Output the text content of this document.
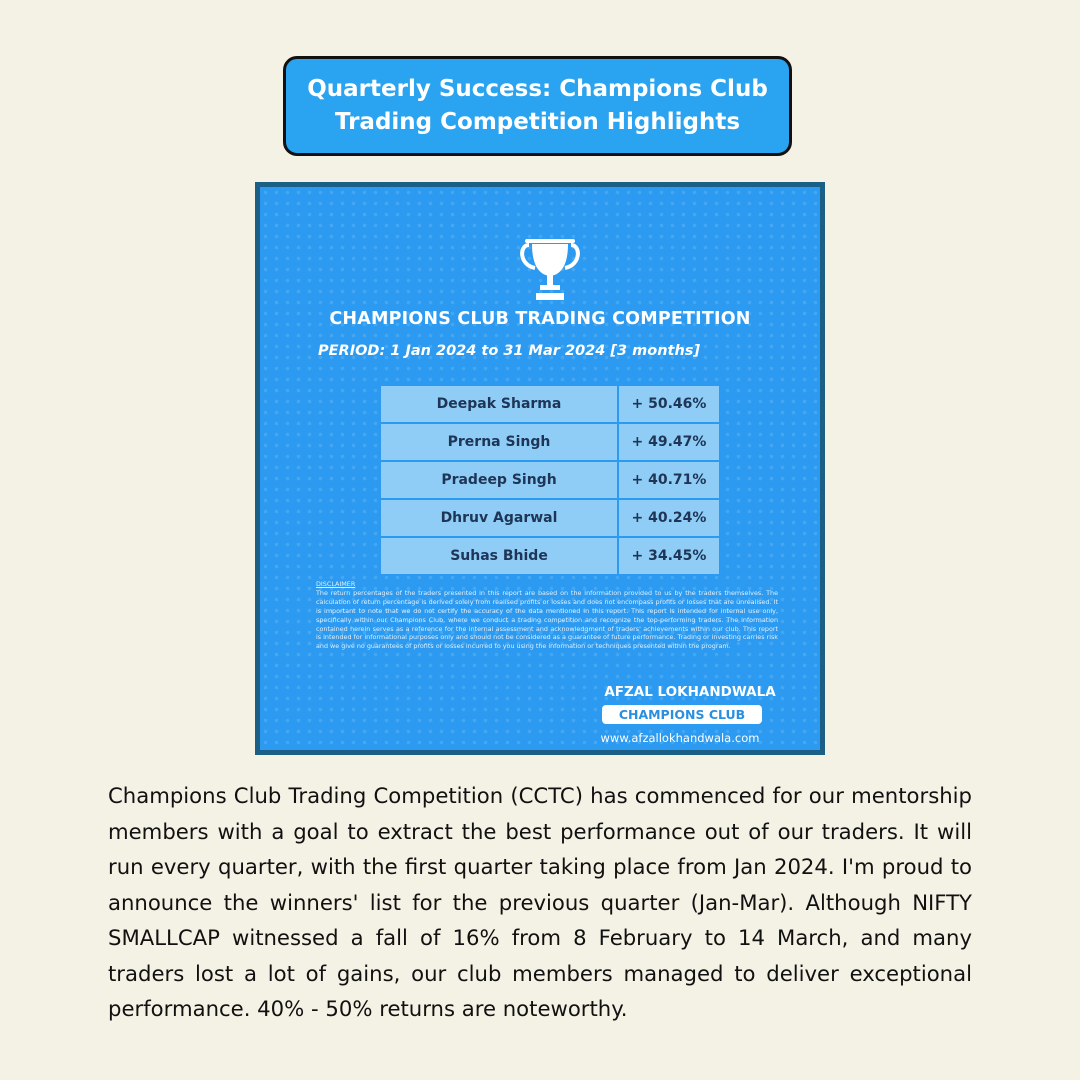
Quarterly Success: Champions Club
Trading Competition Highlights
CHAMPIONS CLUB TRADING COMPETITION
PERIOD: 1 Jan 2024 to 31 Mar 2024 [3 months]
Deepak Sharma	+ 50.46%
Prerna Singh	+ 49.47%
Pradeep Singh	+ 40.71%
Dhruv Agarwal	+ 40.24%
Suhas Bhide	+ 34.45%
DISCLAIMER
The return percentages of the traders presented in this report are based on the information provided to us by the traders themselves. The calculation of return percentage is derived solely from realised profits or losses and does not encompass profits or losses that are unrealised. It is important to note that we do not certify the accuracy of the data mentioned in this report. This report is intended for internal use only, specifically within our Champions Club, where we conduct a trading competition and recognize the top-performing traders. The information contained herein serves as a reference for the internal assessment and acknowledgment of traders' achievements within our club. This report is intended for informational purposes only and should not be considered as a guarantee of future performance. Trading or investing carries risk and we give no guarantees of profits or losses incurred to you using the information or techniques presented within the program.
AFZAL LOKHANDWALA
CHAMPIONS CLUB
www.afzallokhandwala.com
Champions Club Trading Competition (CCTC) has commenced for our mentorship members with a goal to extract the best performance out of our traders. It will run every quarter, with the first quarter taking place from Jan 2024. I'm proud to announce the winners' list for the previous quarter (Jan-Mar). Although NIFTY SMALLCAP witnessed a fall of 16% from 8 February to 14 March, and many traders lost a lot of gains, our club members managed to deliver exceptional performance. 40% - 50% returns are noteworthy.
